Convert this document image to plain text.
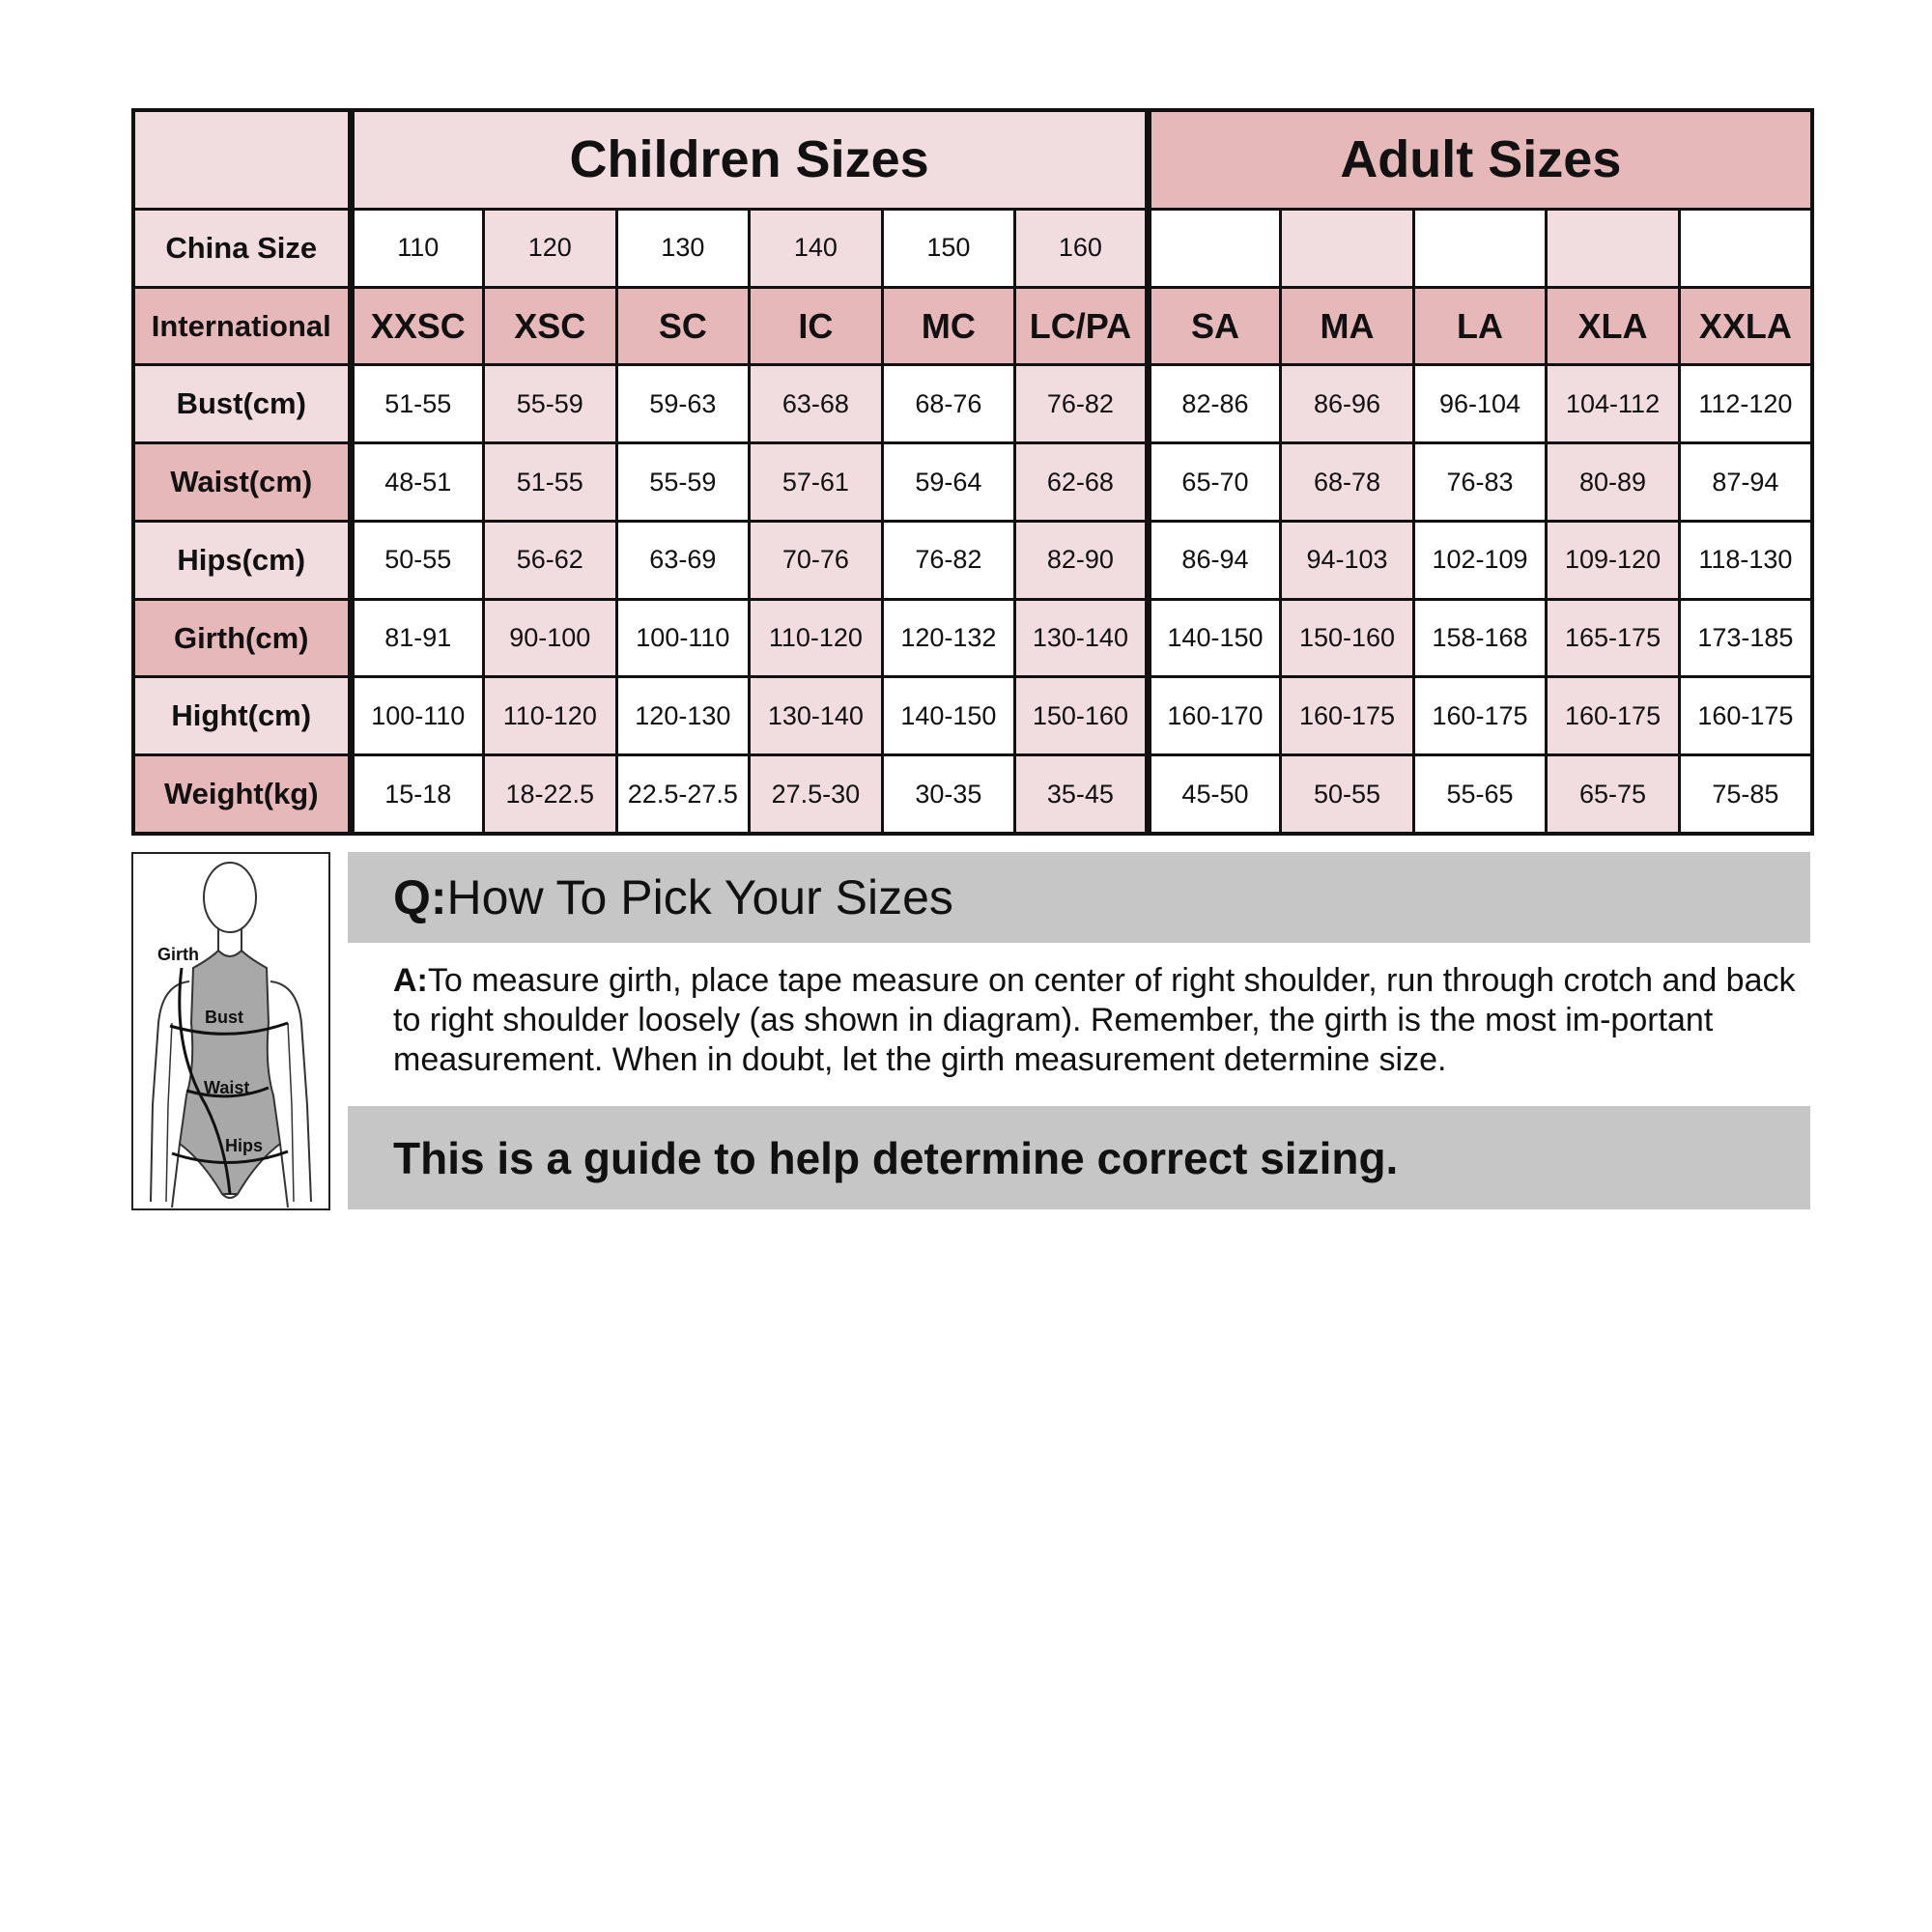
	Children Sizes						Adult Sizes				
China Size	110	120	130	140	150	160					
International	XXSC	XSC	SC	IC	MC	LC/PA	SA	MA	LA	XLA	XXLA
Bust(cm)	51-55	55-59	59-63	63-68	68-76	76-82	82-86	86-96	96-104	104-112	112-120
Waist(cm)	48-51	51-55	55-59	57-61	59-64	62-68	65-70	68-78	76-83	80-89	87-94
Hips(cm)	50-55	56-62	63-69	70-76	76-82	82-90	86-94	94-103	102-109	109-120	118-130
Girth(cm)	81-91	90-100	100-110	110-120	120-132	130-140	140-150	150-160	158-168	165-175	173-185
Hight(cm)	100-110	110-120	120-130	130-140	140-150	150-160	160-170	160-175	160-175	160-175	160-175
Weight(kg)	15-18	18-22.5	22.5-27.5	27.5-30	30-35	35-45	45-50	50-55	55-65	65-75	75-85
Girth
Bust
Waist
Hips
Q:How To Pick Your Sizes
A:To measure girth, place tape measure on center of right shoulder, run through crotch and back to right shoulder loosely (as shown in diagram). Remember, the girth is the most im-portant measurement. When in doubt, let the girth measurement determine size.
This is a guide to help determine correct sizing.
